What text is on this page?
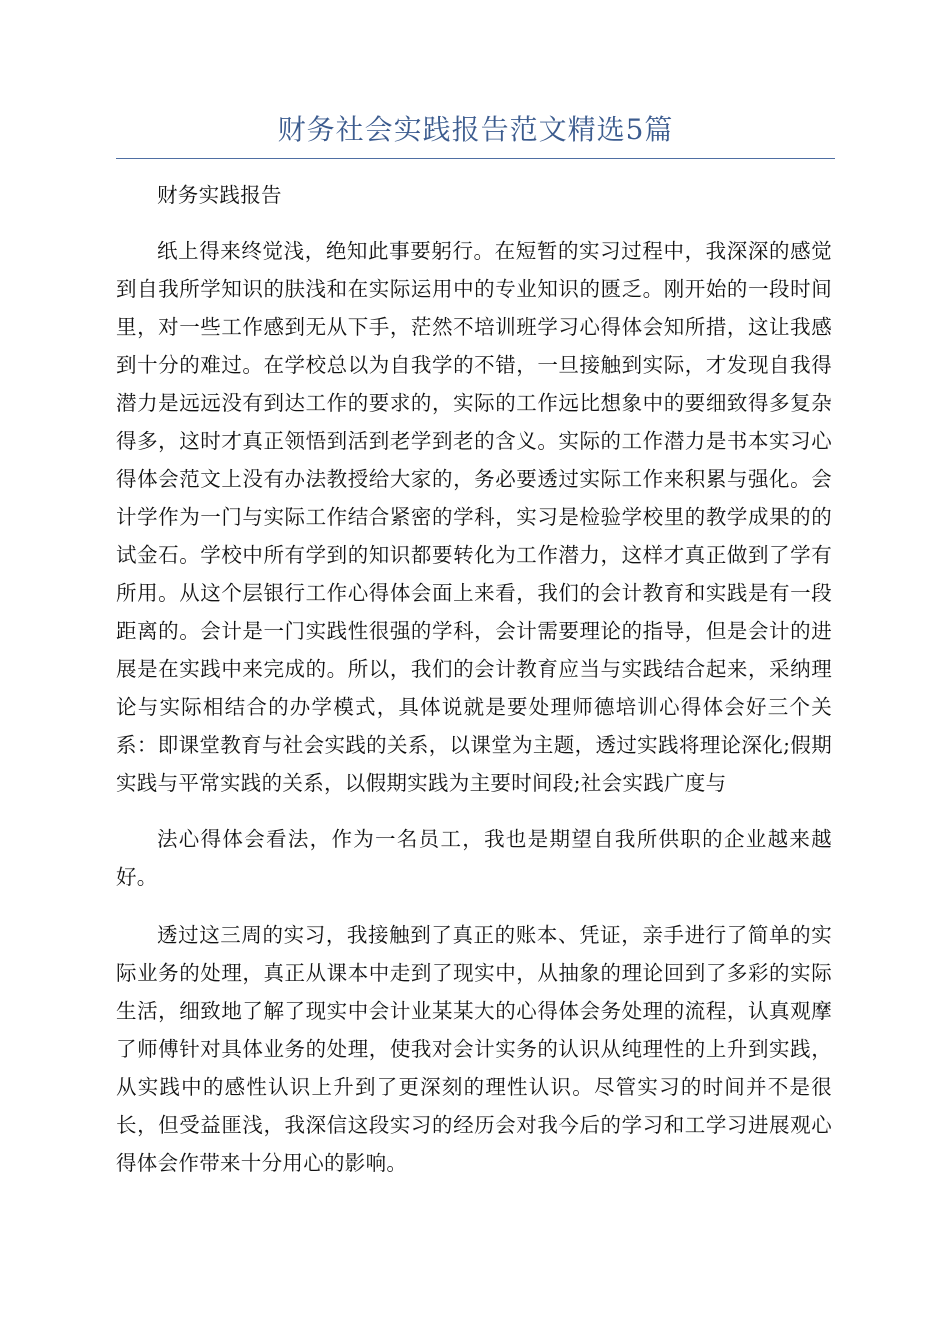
财务社会实践报告范文精选5篇

财务实践报告

纸上得来终觉浅，绝知此事要躬行。在短暂的实习过程中，我深深的感觉到自我所学知识的肤浅和在实际运用中的专业知识的匮乏。刚开始的一段时间里，对一些工作感到无从下手，茫然不培训班学习心得体会知所措，这让我感到十分的难过。在学校总以为自我学的不错，一旦接触到实际，才发现自我得潜力是远远没有到达工作的要求的，实际的工作远比想象中的要细致得多复杂得多，这时才真正领悟到活到老学到老的含义。实际的工作潜力是书本实习心得体会范文上没有办法教授给大家的，务必要透过实际工作来积累与强化。会计学作为一门与实际工作结合紧密的学科，实习是检验学校里的教学成果的的试金石。学校中所有学到的知识都要转化为工作潜力，这样才真正做到了学有所用。从这个层银行工作心得体会面上来看，我们的会计教育和实践是有一段距离的。会计是一门实践性很强的学科，会计需要理论的指导，但是会计的进展是在实践中来完成的。所以，我们的会计教育应当与实践结合起来，采纳理论与实际相结合的办学模式，具体说就是要处理师德培训心得体会好三个关系：即课堂教育与社会实践的关系，以课堂为主题，透过实践将理论深化;假期实践与平常实践的关系，以假期实践为主要时间段;社会实践广度与

法心得体会看法，作为一名员工，我也是期望自我所供职的企业越来越好。

透过这三周的实习，我接触到了真正的账本、凭证，亲手进行了简单的实际业务的处理，真正从课本中走到了现实中，从抽象的理论回到了多彩的实际生活，细致地了解了现实中会计业某某大的心得体会务处理的流程，认真观摩了师傅针对具体业务的处理，使我对会计实务的认识从纯理性的上升到实践，从实践中的感性认识上升到了更深刻的理性认识。尽管实习的时间并不是很长，但受益匪浅，我深信这段实习的经历会对我今后的学习和工学习进展观心得体会作带来十分用心的影响。
